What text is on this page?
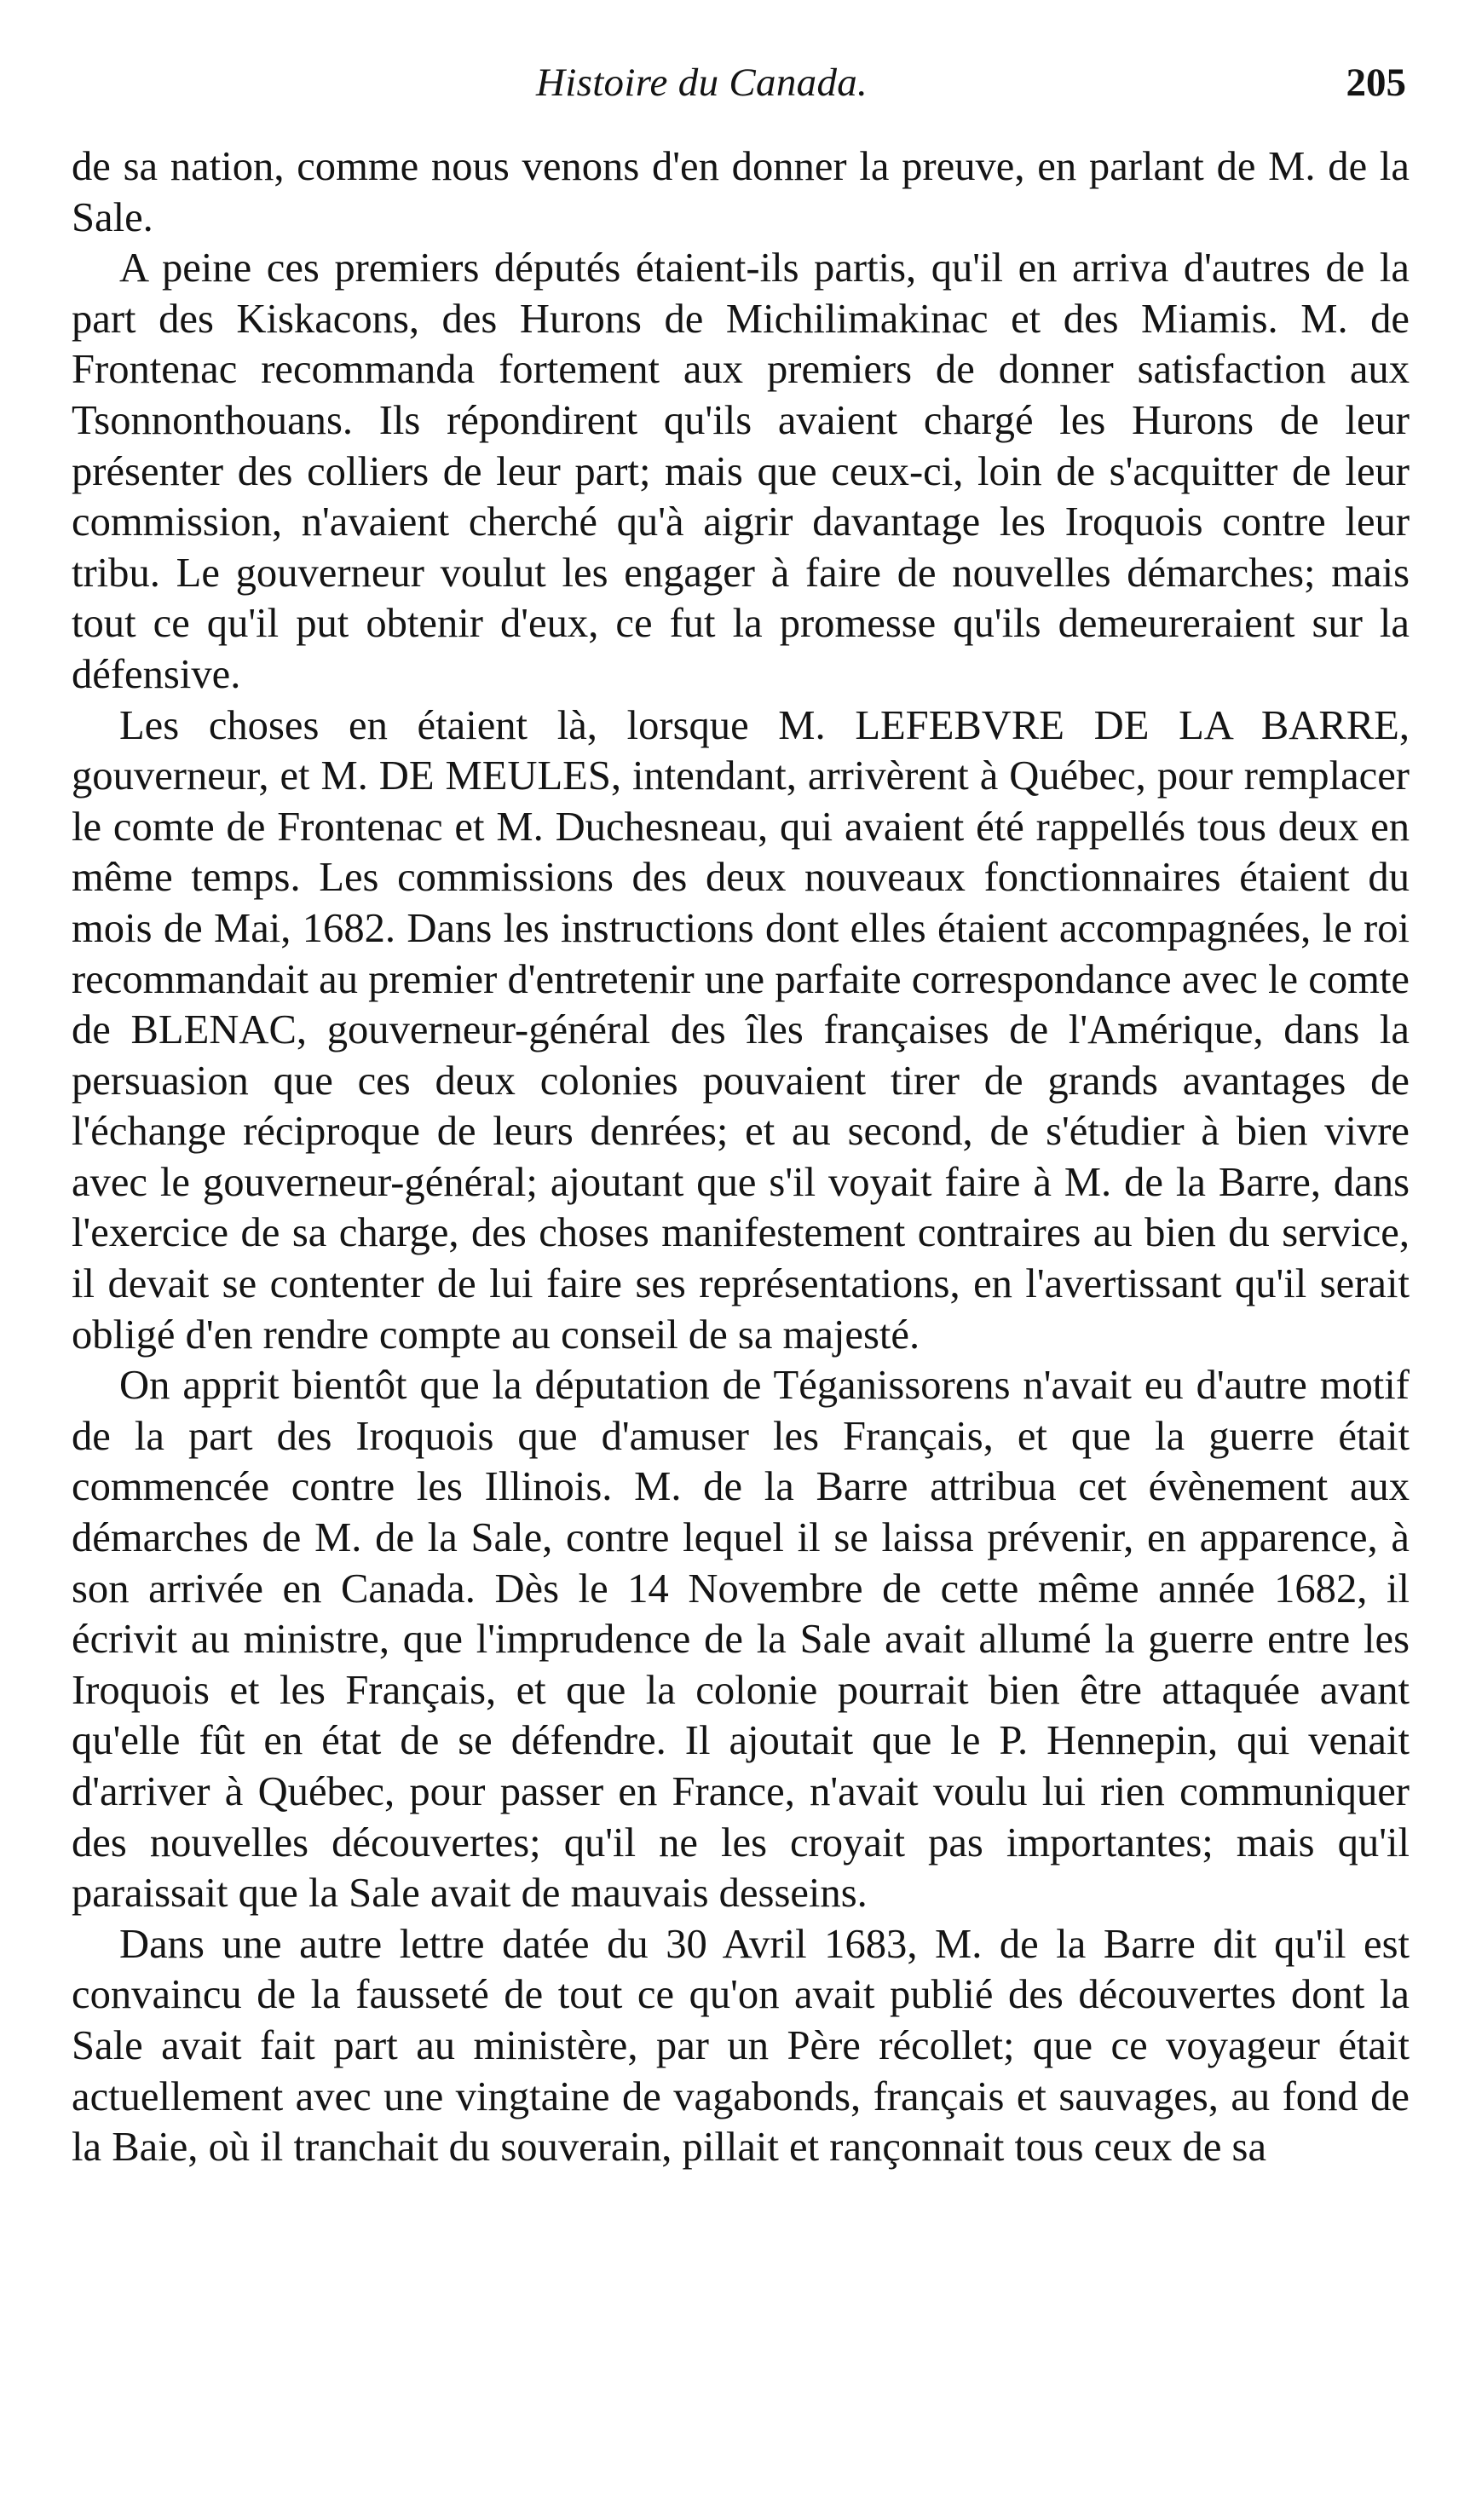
Histoire du Canada.	205

de sa nation, comme nous venons d'en donner la preuve, en parlant de M. de la Sale.

A peine ces premiers députés étaient-ils partis, qu'il en arriva d'autres de la part des Kiskacons, des Hurons de Michilimakinac et des Miamis. M. de Frontenac recommanda fortement aux premiers de donner satisfaction aux Tsonnonthouans. Ils répondirent qu'ils avaient chargé les Hurons de leur présenter des colliers de leur part; mais que ceux-ci, loin de s'acquitter de leur commission, n'avaient cherché qu'à aigrir davantage les Iroquois contre leur tribu. Le gouverneur voulut les engager à faire de nouvelles démarches; mais tout ce qu'il put obtenir d'eux, ce fut la promesse qu'ils demeureraient sur la défensive.

Les choses en étaient là, lorsque M. LEFEBVRE DE LA BARRE, gouverneur, et M. DE MEULES, intendant, arrivèrent à Québec, pour remplacer le comte de Frontenac et M. Duchesneau, qui avaient été rappellés tous deux en même temps. Les commissions des deux nouveaux fonctionnaires étaient du mois de Mai, 1682. Dans les instructions dont elles étaient accompagnées, le roi recommandait au premier d'entretenir une parfaite correspondance avec le comte de BLENAC, gouverneur-général des îles françaises de l'Amérique, dans la persuasion que ces deux colonies pouvaient tirer de grands avantages de l'échange réciproque de leurs denrées; et au second, de s'étudier à bien vivre avec le gouverneur-général; ajoutant que s'il voyait faire à M. de la Barre, dans l'exercice de sa charge, des choses manifestement contraires au bien du service, il devait se contenter de lui faire ses représentations, en l'avertissant qu'il serait obligé d'en rendre compte au conseil de sa majesté.

On apprit bientôt que la députation de Téganissorens n'avait eu d'autre motif de la part des Iroquois que d'amuser les Français, et que la guerre était commencée contre les Illinois. M. de la Barre attribua cet évènement aux démarches de M. de la Sale, contre lequel il se laissa prévenir, en apparence, à son arrivée en Canada. Dès le 14 Novembre de cette même année 1682, il écrivit au ministre, que l'imprudence de la Sale avait allumé la guerre entre les Iroquois et les Français, et que la colonie pourrait bien être attaquée avant qu'elle fût en état de se défendre. Il ajoutait que le P. Hennepin, qui venait d'arriver à Québec, pour passer en France, n'avait voulu lui rien communiquer des nouvelles découvertes; qu'il ne les croyait pas importantes; mais qu'il paraissait que la Sale avait de mauvais desseins.

Dans une autre lettre datée du 30 Avril 1683, M. de la Barre dit qu'il est convaincu de la fausseté de tout ce qu'on avait publié des découvertes dont la Sale avait fait part au ministère, par un Père récollet; que ce voyageur était actuellement avec une vingtaine de vagabonds, français et sauvages, au fond de la Baie, où il tranchait du souverain, pillait et rançonnait tous ceux de sa
